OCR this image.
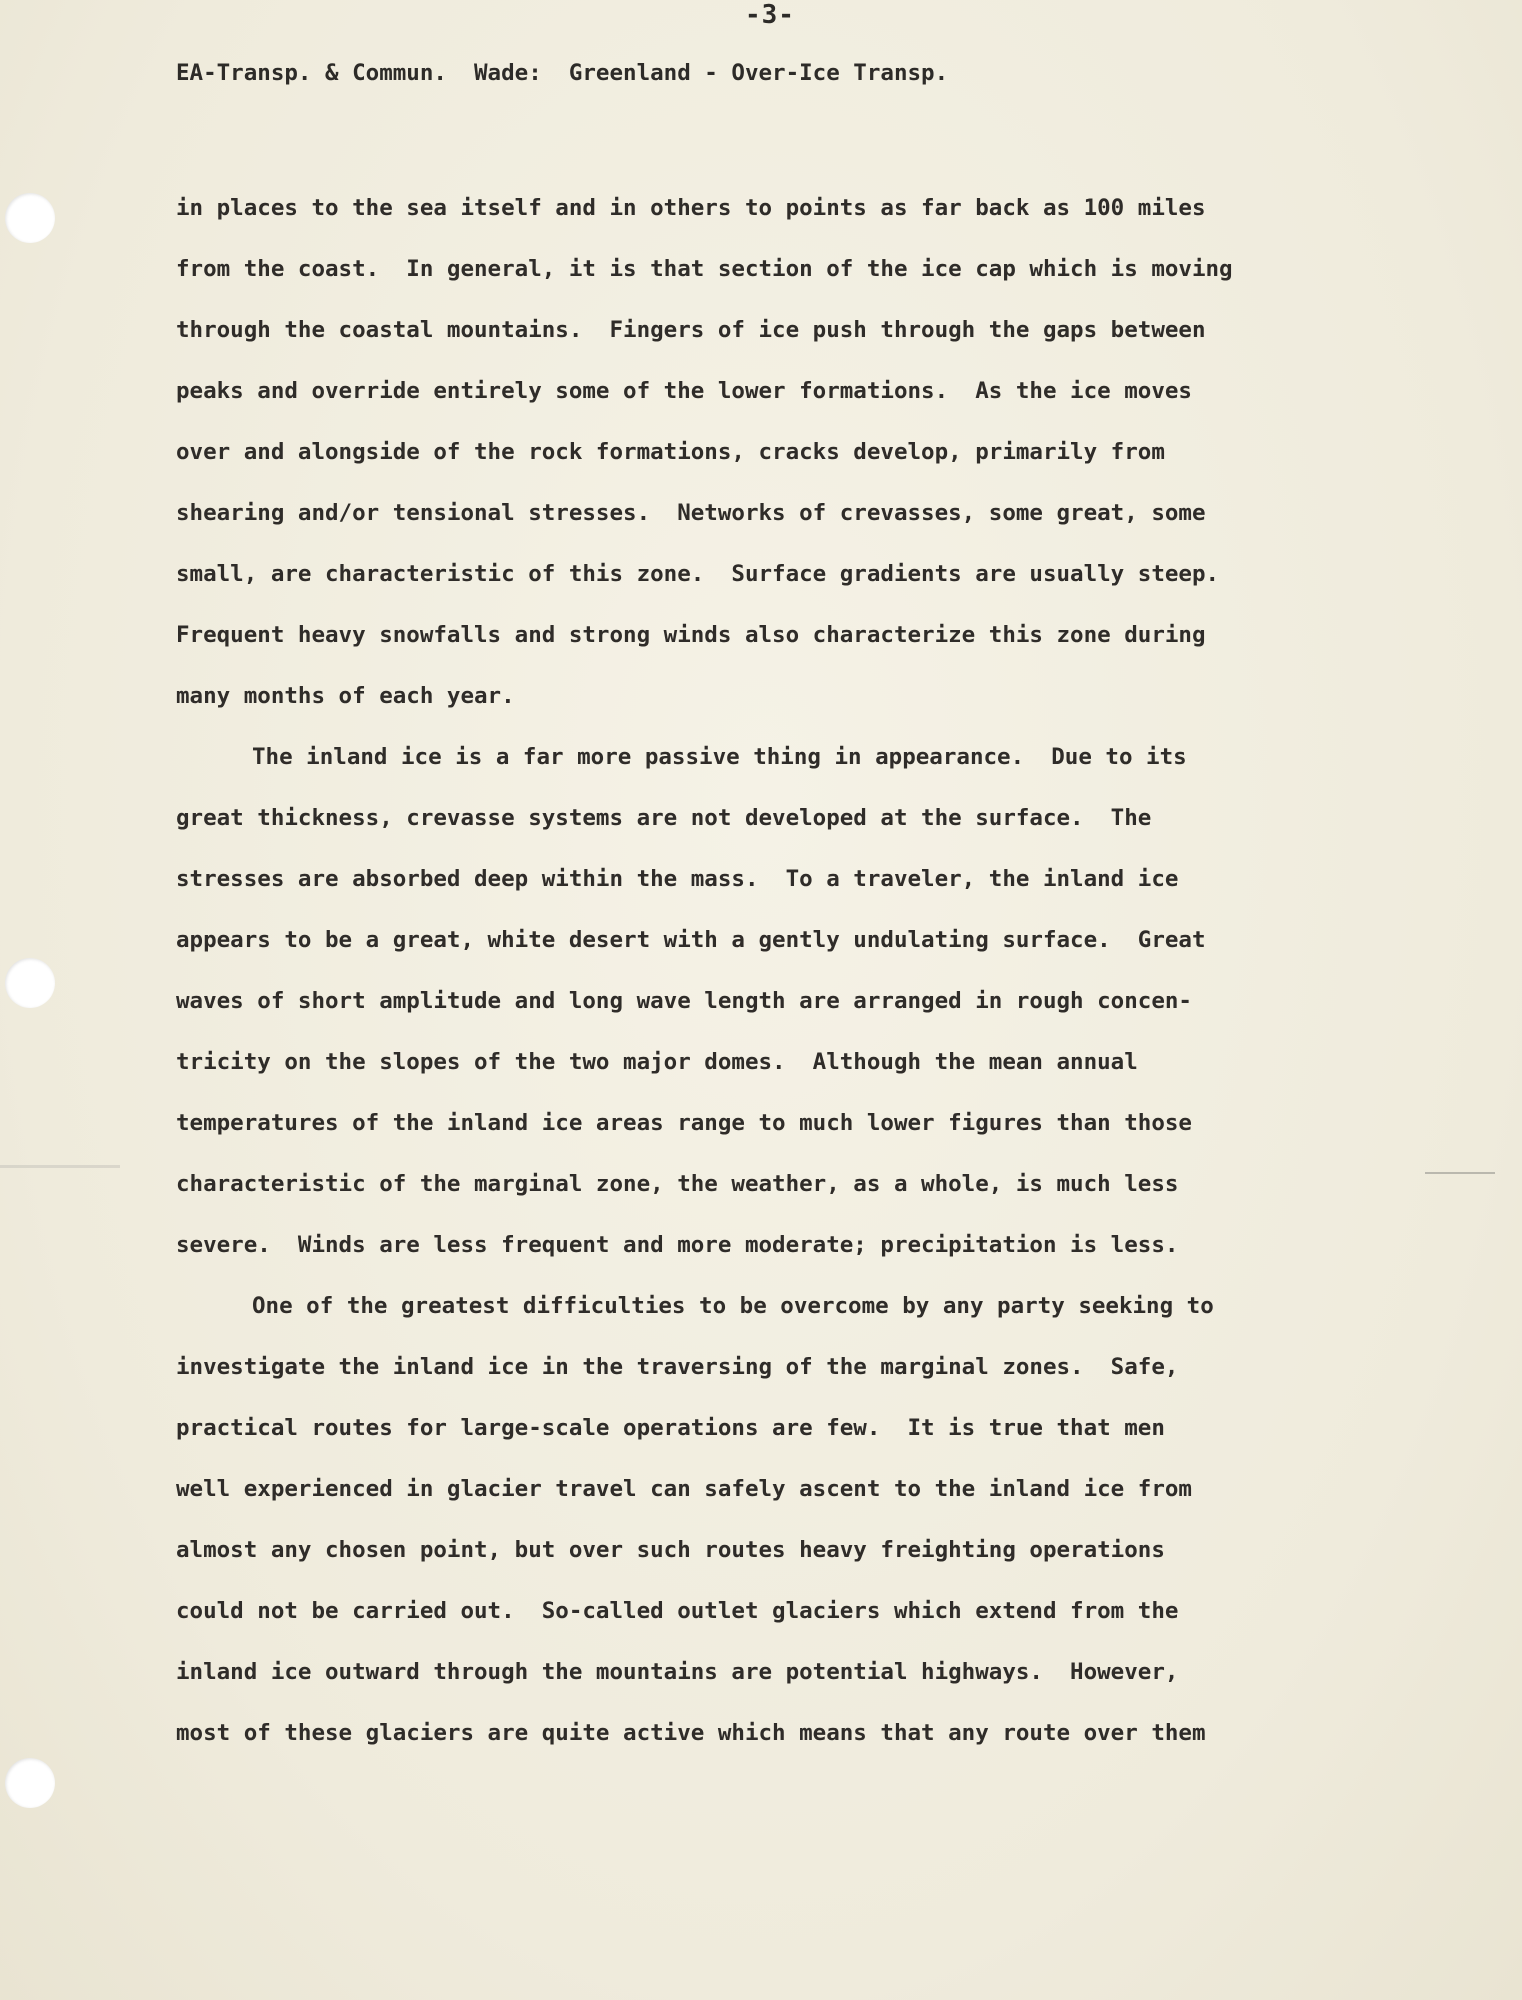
-3-
EA-Transp. & Commun.  Wade:  Greenland - Over-Ice Transp.
in places to the sea itself and in others to points as far back as 100 miles
from the coast.  In general, it is that section of the ice cap which is moving
through the coastal mountains.  Fingers of ice push through the gaps between
peaks and override entirely some of the lower formations.  As the ice moves
over and alongside of the rock formations, cracks develop, primarily from
shearing and/or tensional stresses.  Networks of crevasses, some great, some
small, are characteristic of this zone.  Surface gradients are usually steep.
Frequent heavy snowfalls and strong winds also characterize this zone during
many months of each year.
The inland ice is a far more passive thing in appearance.  Due to its
great thickness, crevasse systems are not developed at the surface.  The
stresses are absorbed deep within the mass.  To a traveler, the inland ice
appears to be a great, white desert with a gently undulating surface.  Great
waves of short amplitude and long wave length are arranged in rough concen-
tricity on the slopes of the two major domes.  Although the mean annual
temperatures of the inland ice areas range to much lower figures than those
characteristic of the marginal zone, the weather, as a whole, is much less
severe.  Winds are less frequent and more moderate; precipitation is less.
One of the greatest difficulties to be overcome by any party seeking to
investigate the inland ice in the traversing of the marginal zones.  Safe,
practical routes for large-scale operations are few.  It is true that men
well experienced in glacier travel can safely ascent to the inland ice from
almost any chosen point, but over such routes heavy freighting operations
could not be carried out.  So-called outlet glaciers which extend from the
inland ice outward through the mountains are potential highways.  However,
most of these glaciers are quite active which means that any route over them
